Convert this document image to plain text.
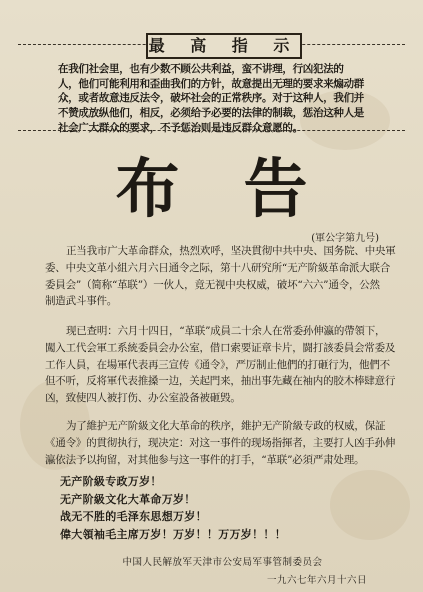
最 高 指 示
在我们社会里，也有少数不顾公共利益，蛮不讲理，行凶犯法的
人，他们可能利用和歪曲我们的方针，故意提出无理的要求来煽动群
众，或者故意违反法令，破坏社会的正常秩序。对于这种人，我们并
不赞成放纵他们，相反，必须给予必要的法律的制裁，惩治这种人是
社会广大群众的要求，不予惩治则是违反群众意愿的。
布告
(軍公字第九号)
正当我市广大革命群众，热烈欢呼，坚决貫彻中共中央、国务院、中央軍
委、中央文革小組六月六日通令之际，第十八研究所“无产阶級革命派大联合
委員会”（简称“革联”）一伙人，竟无视中央权威，破坏“六六”通令，公然
制造武斗事件。
现已查明：六月十四日，“革联”成員二十余人在常委孙伸瀛的帶領下，
闖入工代会軍工系統委員会办公室，借口索要证章卡片，闘打該委員会常委及
工作人員，在場軍代表再三宣传《通令》，严厉制止他們的打砸行为，他們不
但不听，反将軍代表推搡一边，关起門来，抽出事先藏在袖内的胶木棒肆意行
凶，致使四人被打伤、办公室設备被砸毁。
为了維护无产阶級文化大革命的秩序，維护无产阶級专政的权威，保証
《通令》的貫彻执行，现决定：对这一事件的现场指揮者，主要打人凶手孙伸
瀛依法予以拘留，对其他参与这一事件的打手，“革联”必須严肃处理。
无产阶級专政万岁！
无产阶級文化大革命万岁！
战无不胜的毛泽东思想万岁！
偉大領袖毛主席万岁！万岁！！万万岁！！！
中国人民解放军天津市公安局军事管制委员会
一九六七年六月十六日
